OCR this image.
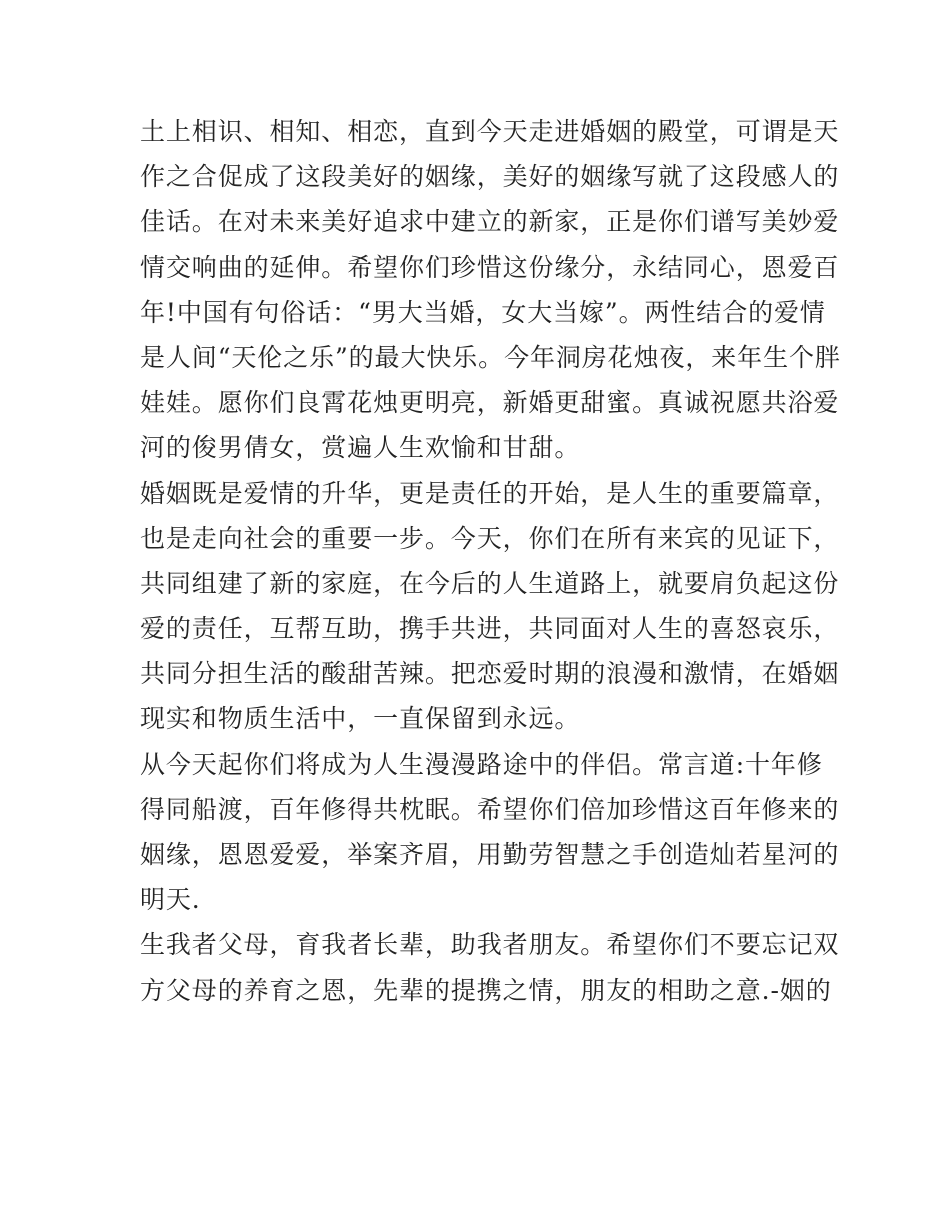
土上相识、相知、相恋，直到今天走进婚姻的殿堂，可谓是天
作之合促成了这段美好的姻缘，美好的姻缘写就了这段感人的
佳话。在对未来美好追求中建立的新家，正是你们谱写美妙爱
情交响曲的延伸。希望你们珍惜这份缘分，永结同心，恩爱百
年!中国有句俗话：“男大当婚，女大当嫁”。两性结合的爱情
是人间“天伦之乐”的最大快乐。今年洞房花烛夜，来年生个胖
娃娃。愿你们良霄花烛更明亮，新婚更甜蜜。真诚祝愿共浴爱
河的俊男倩女，赏遍人生欢愉和甘甜。
婚姻既是爱情的升华，更是责任的开始，是人生的重要篇章，
也是走向社会的重要一步。今天，你们在所有来宾的见证下，
共同组建了新的家庭，在今后的人生道路上，就要肩负起这份
爱的责任，互帮互助，携手共进，共同面对人生的喜怒哀乐，
共同分担生活的酸甜苦辣。把恋爱时期的浪漫和激情，在婚姻
现实和物质生活中，一直保留到永远。
从今天起你们将成为人生漫漫路途中的伴侣。常言道:十年修
得同船渡，百年修得共枕眠。希望你们倍加珍惜这百年修来的
姻缘，恩恩爱爱，举案齐眉，用勤劳智慧之手创造灿若星河的
明天.
生我者父母，育我者长辈，助我者朋友。希望你们不要忘记双
方父母的养育之恩，先辈的提携之情，朋友的相助之意.-姻的
